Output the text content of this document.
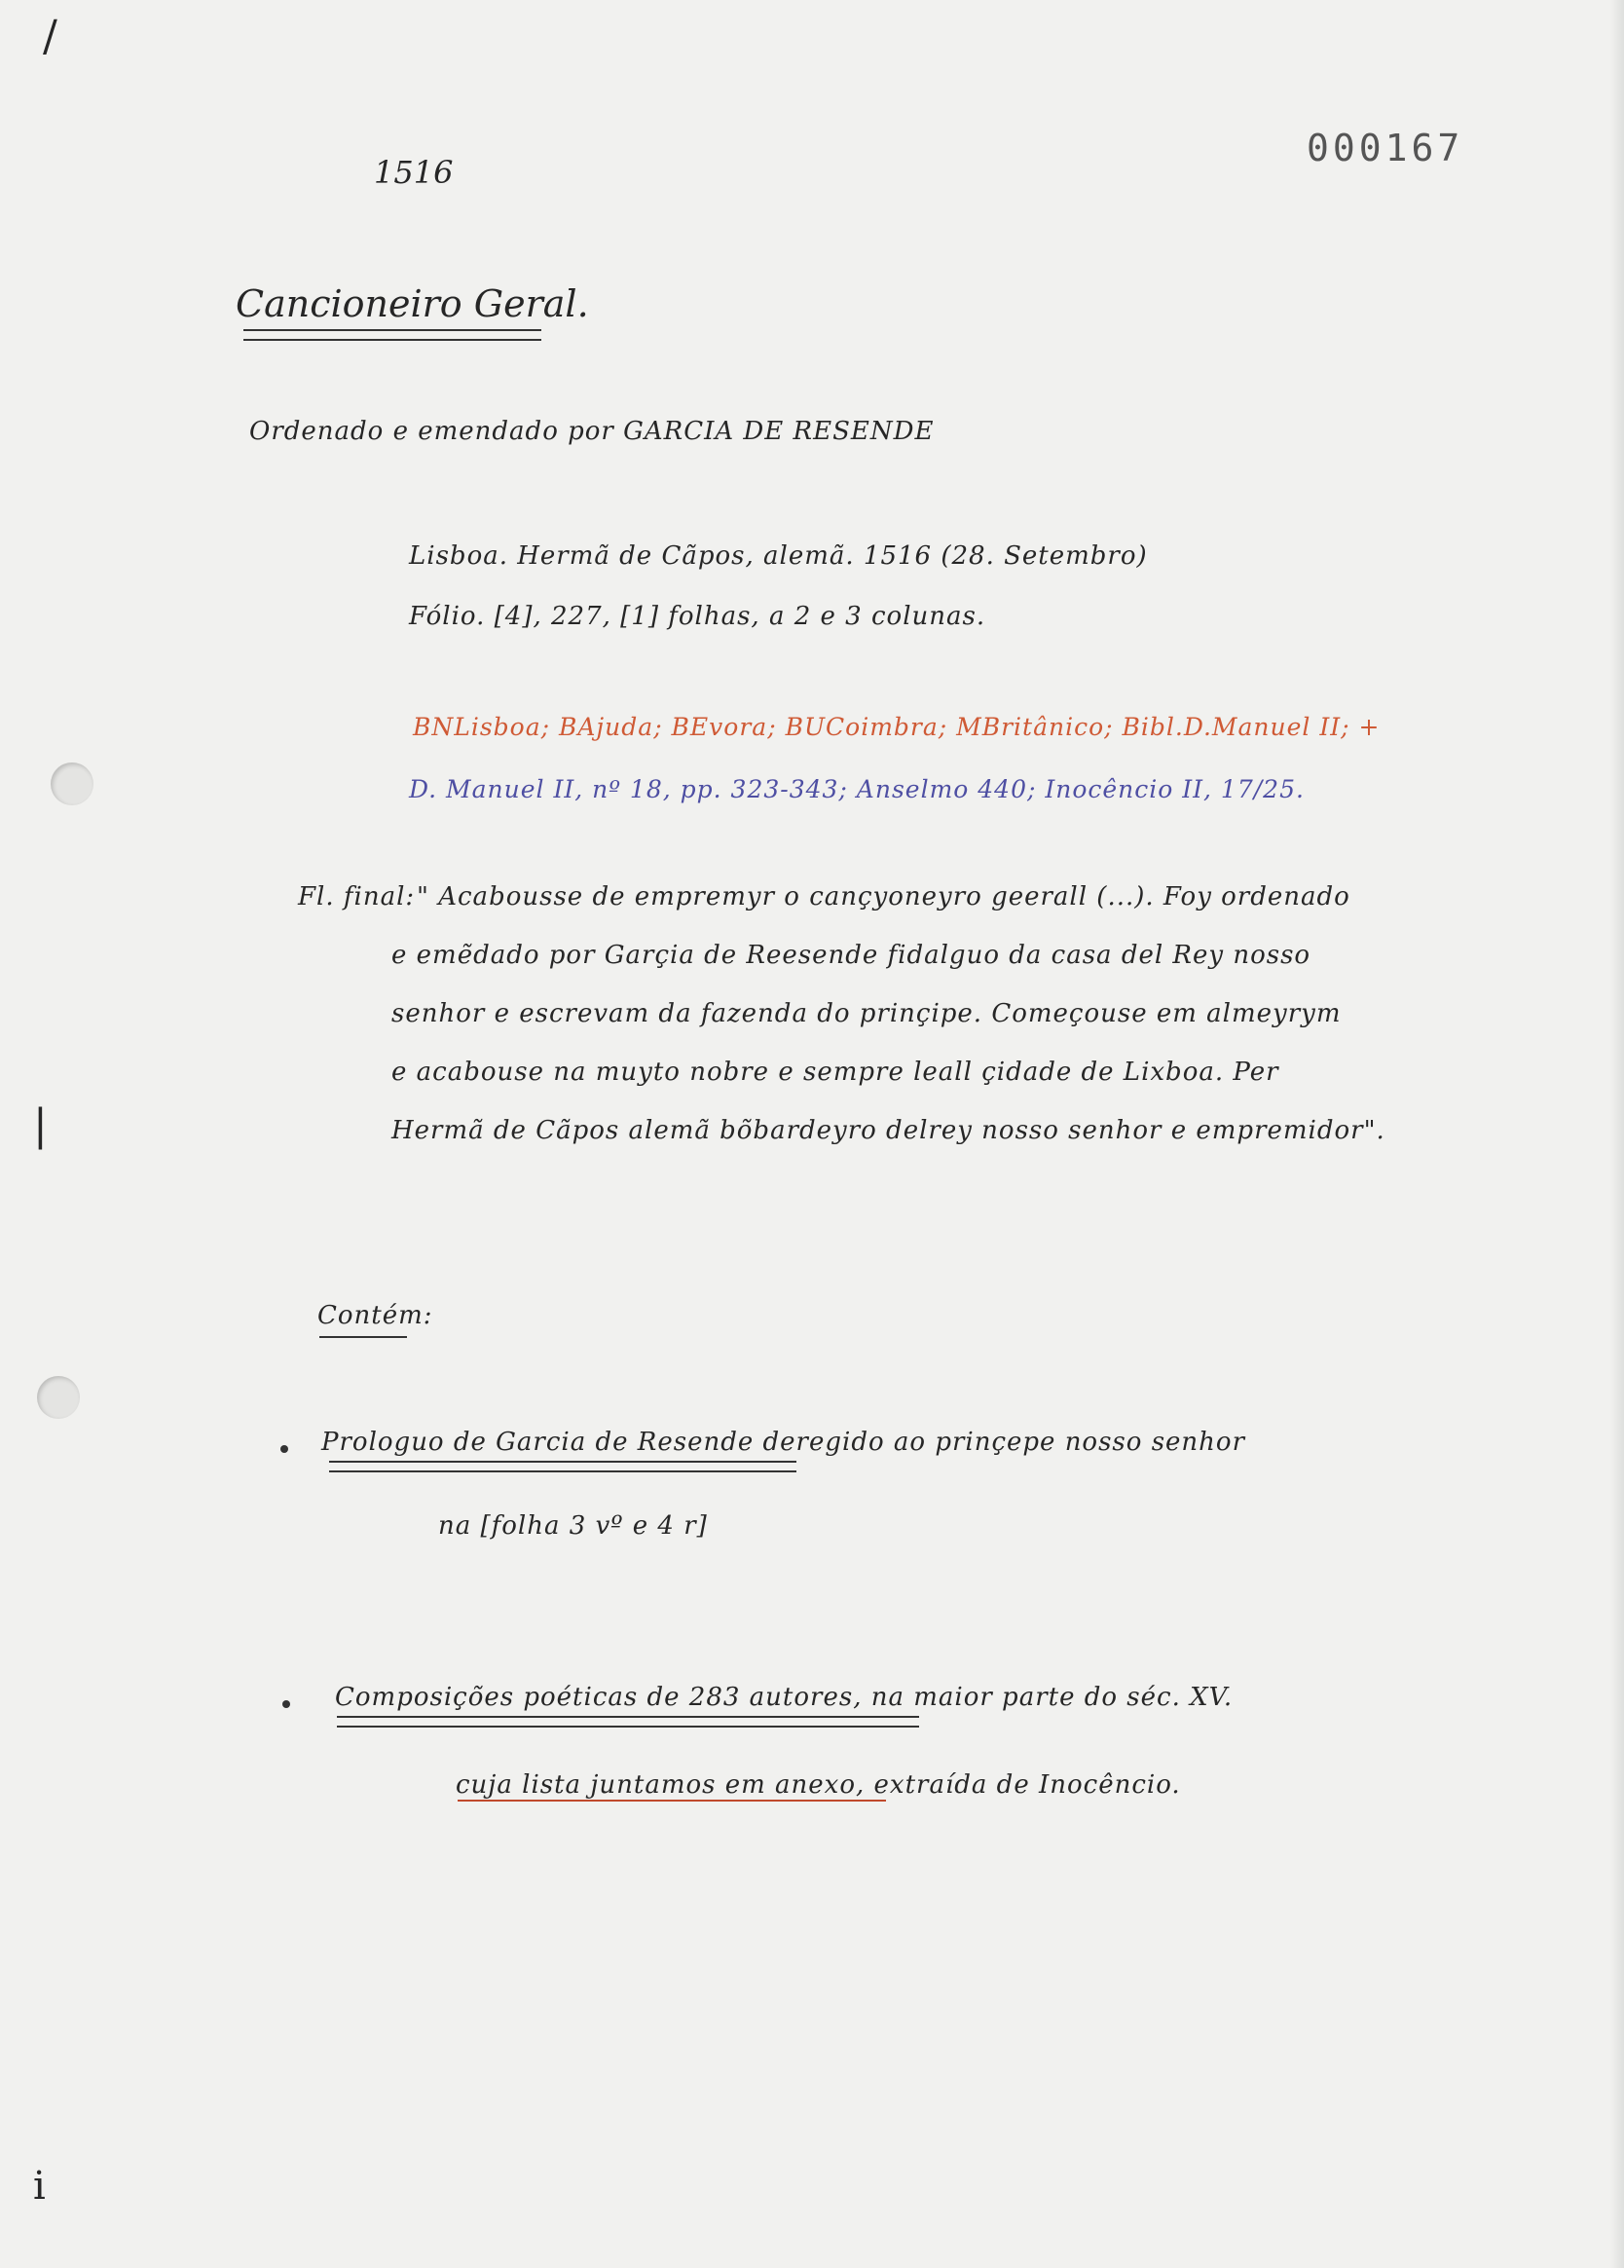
/
|
i
1516
000167
Cancioneiro Geral.
Ordenado e emendado por GARCIA DE RESENDE
Lisboa. Hermã de Cãpos, alemã. 1516 (28. Setembro)
Fólio. [4], 227, [1] folhas, a 2 e 3 colunas.
BNLisboa; BAjuda; BEvora; BUCoimbra; MBritânico; Bibl.D.Manuel II; +
D. Manuel II, nº 18, pp. 323-343; Anselmo 440; Inocêncio II, 17/25.
Fl. final: " Acabousse de empremyr o cançyoneyro geerall (...). Foy ordenado
e emẽdado por Garçia de Reesende fidalguo da casa del Rey nosso
senhor e escrevam da fazenda do prinçipe. Começouse em almeyrym
e acabouse na muyto nobre e sempre leall çidade de Lixboa. Per
Hermã de Cãpos alemã bõbardeyro delrey nosso senhor e empremidor".
Contém:
Prologuo de Garcia de Resende deregido ao prinçepe nosso senhor
na [folha 3 vº e 4 r]
Composições poéticas de 283 autores, na maior parte do séc. XV.
cuja lista juntamos em anexo, extraída de Inocêncio.
